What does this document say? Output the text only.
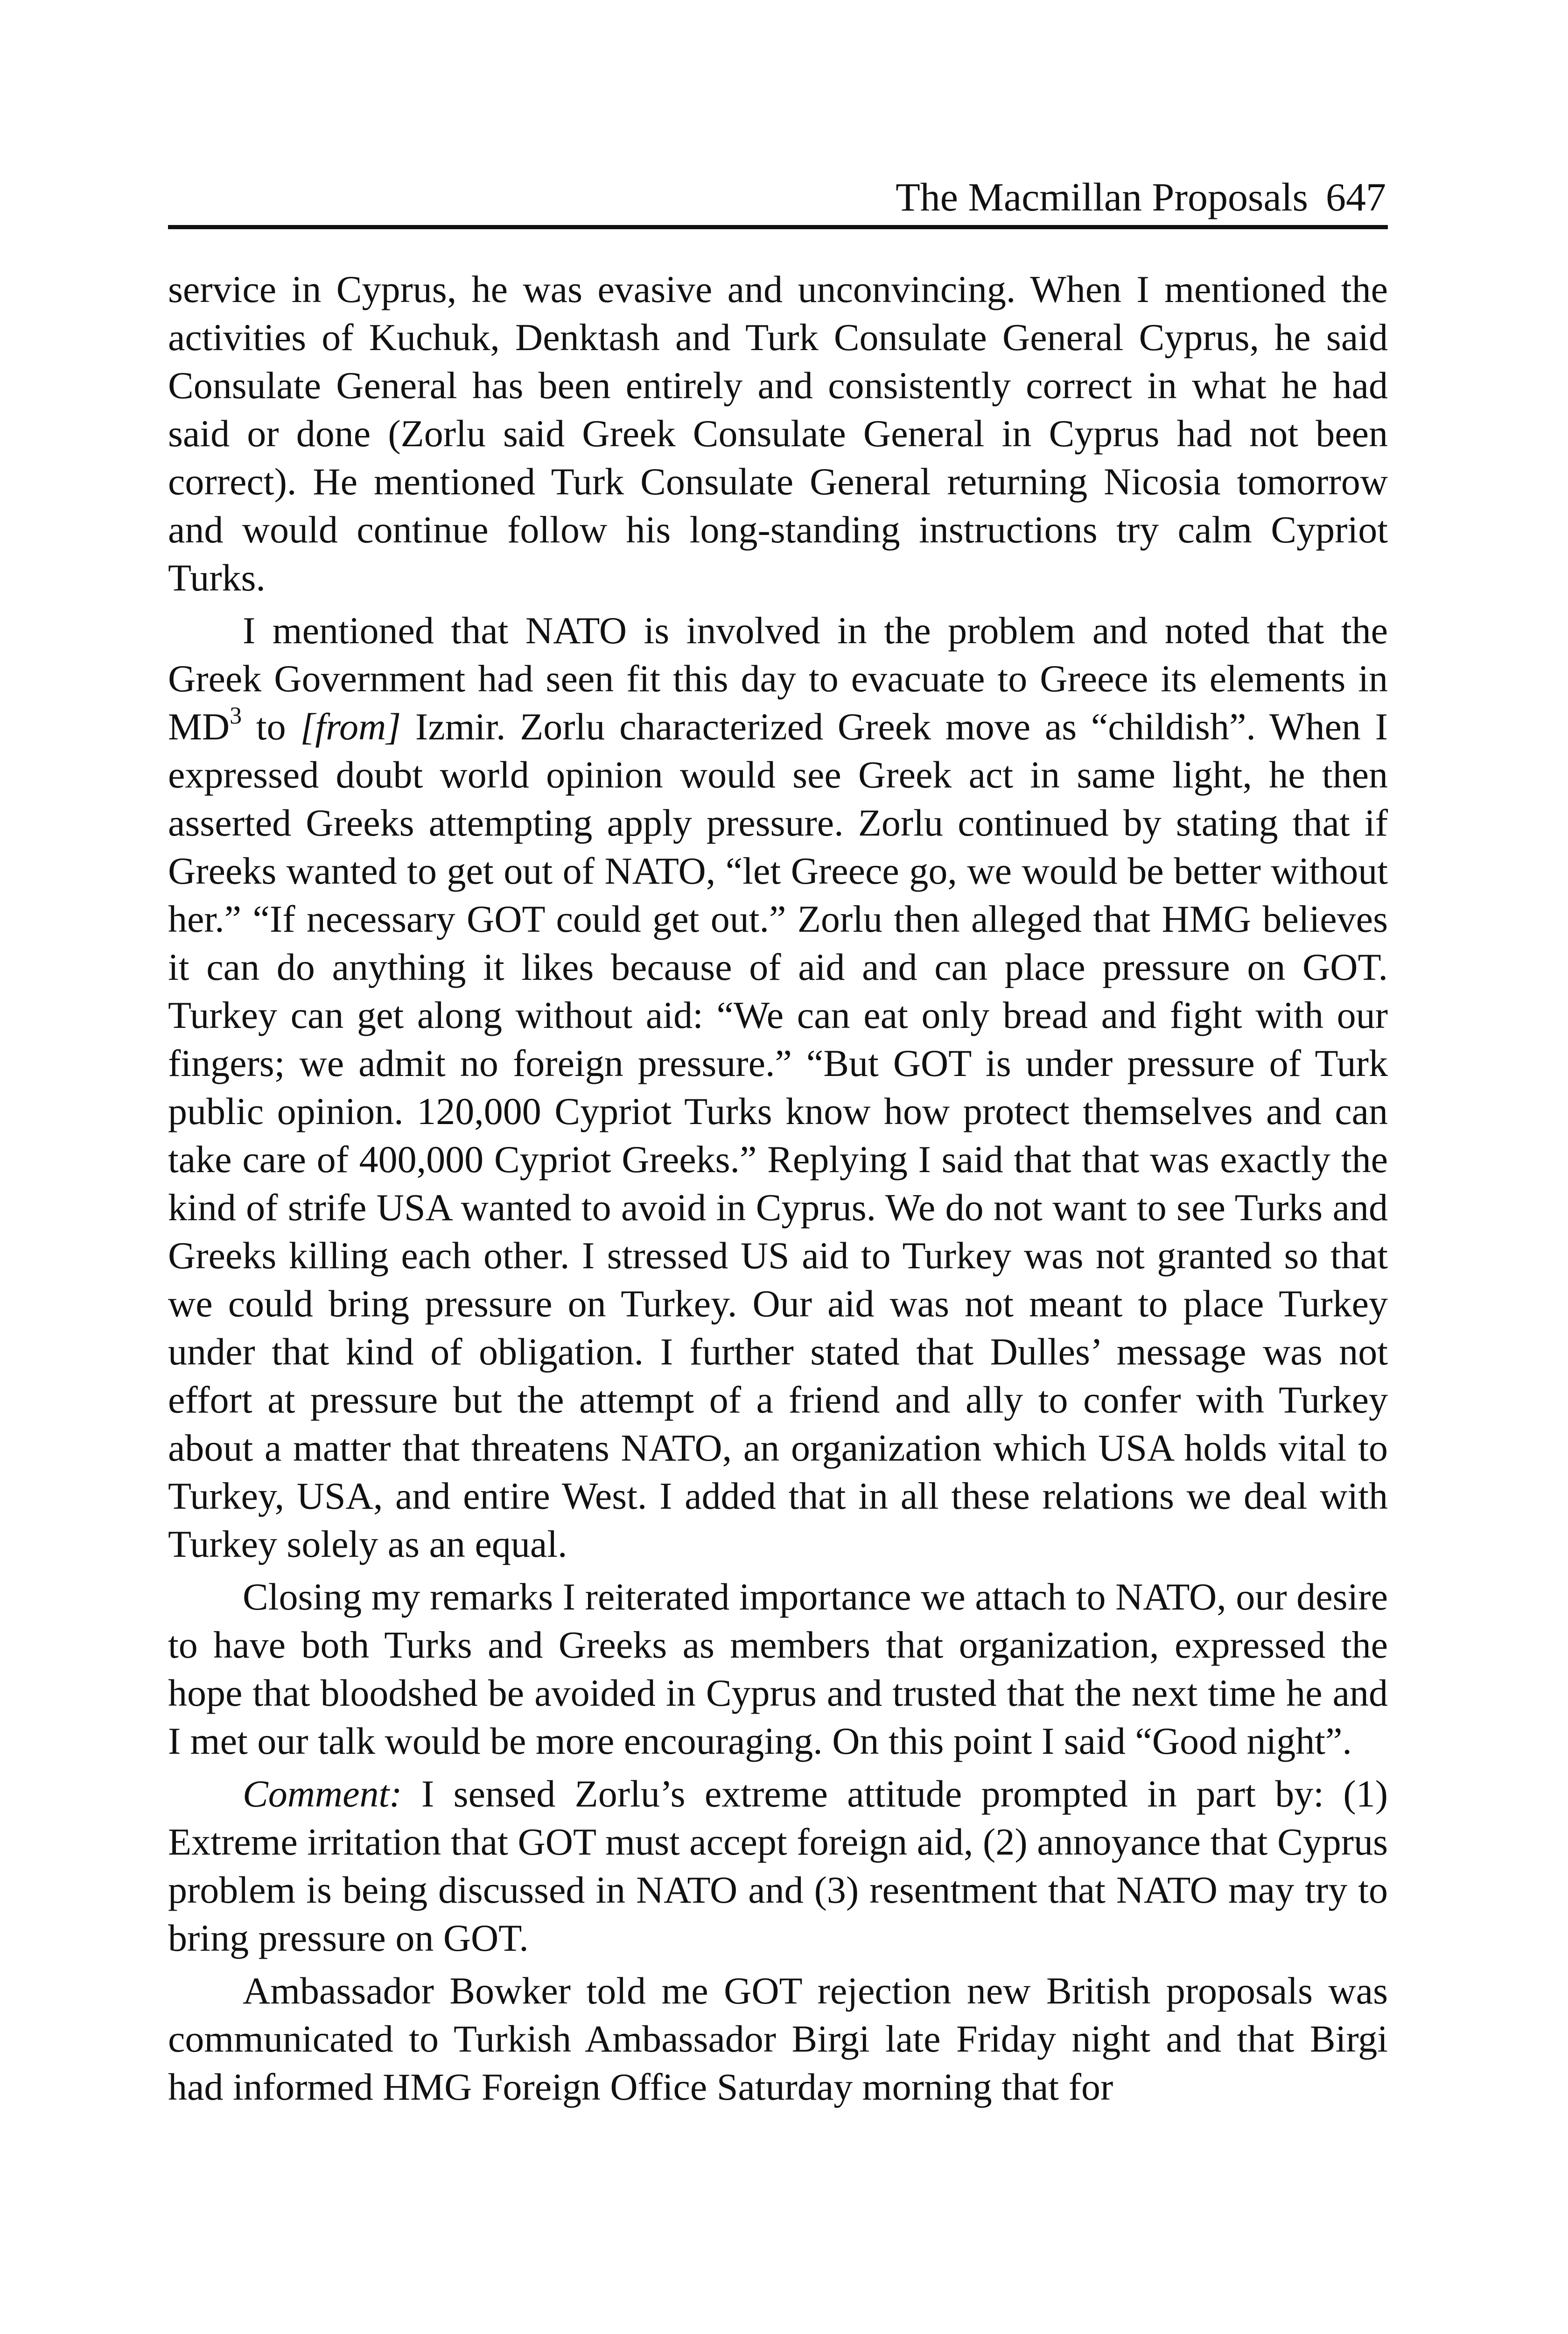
The Macmillan Proposals 647

service in Cyprus, he was evasive and unconvincing. When I mentioned the activities of Kuchuk, Denktash and Turk Consulate General Cyprus, he said Consulate General has been entirely and consistently correct in what he had said or done (Zorlu said Greek Consulate General in Cyprus had not been correct). He mentioned Turk Consulate General returning Nicosia tomorrow and would continue follow his long-standing instructions try calm Cypriot Turks.

I mentioned that NATO is involved in the problem and noted that the Greek Government had seen fit this day to evacuate to Greece its elements in $MD^3$ to [from] Izmir. Zorlu characterized Greek move as “childish”. When I expressed doubt world opinion would see Greek act in same light, he then asserted Greeks attempting apply pressure. Zorlu continued by stating that if Greeks wanted to get out of NATO, “let Greece go, we would be better without her.” “If necessary GOT could get out.” Zorlu then alleged that HMG believes it can do anything it likes because of aid and can place pressure on GOT. Turkey can get along without aid: “We can eat only bread and fight with our fingers; we admit no foreign pressure.” “But GOT is under pressure of Turk public opinion. 120,000 Cypriot Turks know how protect themselves and can take care of 400,000 Cypriot Greeks.” Replying I said that that was exactly the kind of strife USA wanted to avoid in Cyprus. We do not want to see Turks and Greeks killing each other. I stressed US aid to Turkey was not granted so that we could bring pressure on Turkey. Our aid was not meant to place Turkey under that kind of obligation. I further stated that Dulles’ message was not effort at pressure but the attempt of a friend and ally to confer with Turkey about a matter that threatens NATO, an organization which USA holds vital to Turkey, USA, and entire West. I added that in all these relations we deal with Turkey solely as an equal.

Closing my remarks I reiterated importance we attach to NATO, our desire to have both Turks and Greeks as members that organization, expressed the hope that bloodshed be avoided in Cyprus and trusted that the next time he and I met our talk would be more encouraging. On this point I said “Good night”.

Comment: I sensed Zorlu’s extreme attitude prompted in part by: (1) Extreme irritation that GOT must accept foreign aid, (2) annoyance that Cyprus problem is being discussed in NATO and (3) resentment that NATO may try to bring pressure on GOT.

Ambassador Bowker told me GOT rejection new British proposals was communicated to Turkish Ambassador Birgi late Friday night and that Birgi had informed HMG Foreign Office Saturday morning that for
